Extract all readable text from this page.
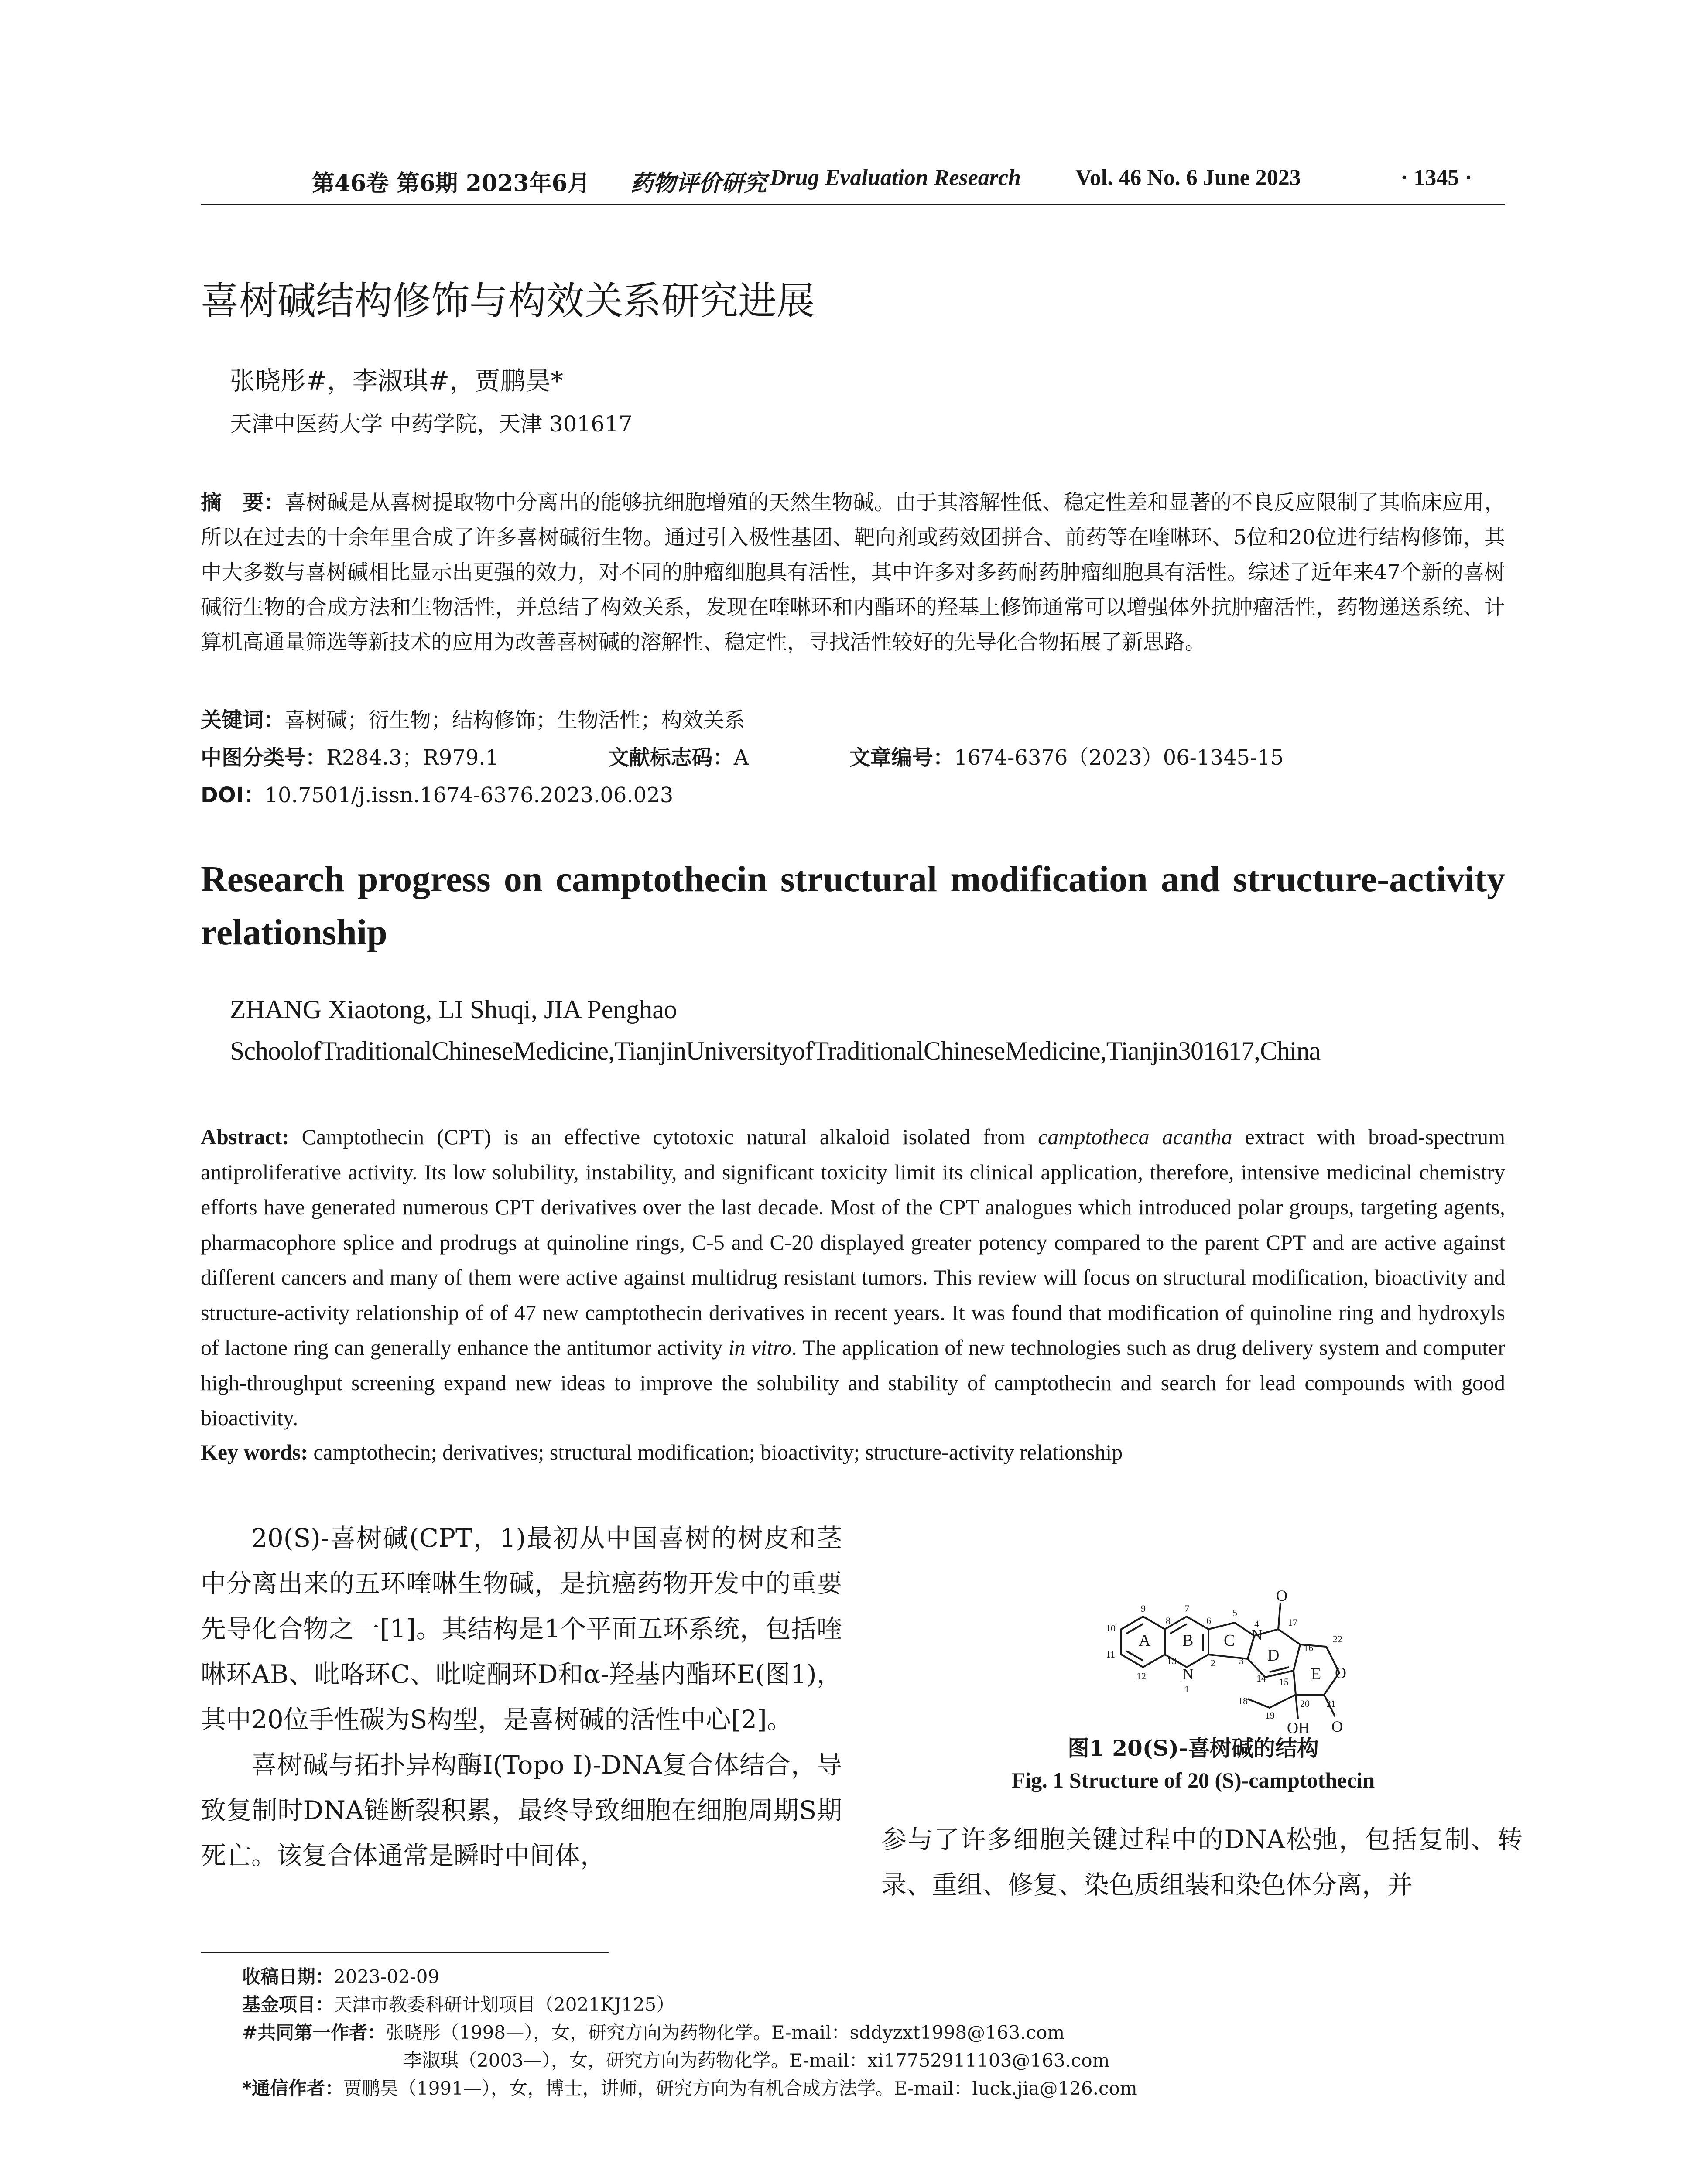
第46卷 第6期 2023年6月 药物评价研究 Drug Evaluation Research Vol. 46 No. 6 June 2023	· 1345 ·
喜树碱结构修饰与构效关系研究进展
张晓彤#，李淑琪#，贾鹏昊*
天津中医药大学 中药学院，天津 301617
摘　要：喜树碱是从喜树提取物中分离出的能够抗细胞增殖的天然生物碱。由于其溶解性低、稳定性差和显著的不良反应限制了其临床应用，所以在过去的十余年里合成了许多喜树碱衍生物。通过引入极性基团、靶向剂或药效团拼合、前药等在喹啉环、5位和20位进行结构修饰，其中大多数与喜树碱相比显示出更强的效力，对不同的肿瘤细胞具有活性，其中许多对多药耐药肿瘤细胞具有活性。综述了近年来47个新的喜树碱衍生物的合成方法和生物活性，并总结了构效关系，发现在喹啉环和内酯环的羟基上修饰通常可以增强体外抗肿瘤活性，药物递送系统、计算机高通量筛选等新技术的应用为改善喜树碱的溶解性、稳定性，寻找活性较好的先导化合物拓展了新思路。
关键词：喜树碱；衍生物；结构修饰；生物活性；构效关系
中图分类号：R284.3；R979.1	文献标志码：A	文章编号：1674-6376（2023）06-1345-15
DOI：10.7501/j.issn.1674-6376.2023.06.023
Research progress on camptothecin structural modification and structure-activity relationship
ZHANG Xiaotong, LI Shuqi, JIA Penghao
SchoolofTraditionalChineseMedicine,TianjinUniversityofTraditionalChineseMedicine,Tianjin301617,China
Abstract: Camptothecin (CPT) is an effective cytotoxic natural alkaloid isolated from camptotheca acantha extract with broad-spectrum antiproliferative activity. Its low solubility, instability, and significant toxicity limit its clinical application, therefore, intensive medicinal chemistry efforts have generated numerous CPT derivatives over the last decade. Most of the CPT analogues which introduced polar groups, targeting agents, pharmacophore splice and prodrugs at quinoline rings, C-5 and C-20 displayed greater potency compared to the parent CPT and are active against different cancers and many of them were active against multidrug resistant tumors. This review will focus on structural modification, bioactivity and structure-activity relationship of of 47 new camptothecin derivatives in recent years. It was found that modification of quinoline ring and hydroxyls of lactone ring can generally enhance the antitumor activity in vitro. The application of new technologies such as drug delivery system and computer high-throughput screening expand new ideas to improve the solubility and stability of camptothecin and search for lead compounds with good bioactivity.
Key words: camptothecin; derivatives; structural modification; bioactivity; structure-activity relationship
20(S)-喜树碱(CPT，1)最初从中国喜树的树皮和茎中分离出来的五环喹啉生物碱，是抗癌药物开发中的重要先导化合物之一[1]。其结构是1个平面五环系统，包括喹啉环AB、吡咯环C、吡啶酮环D和α-羟基内酯环E(图1)，其中20位手性碳为S构型，是喜树碱的活性中心[2]。
喜树碱与拓扑异构酶I(Topo I)-DNA复合体结合，导致复制时DNA链断裂积累，最终导致细胞在细胞周期S期死亡。该复合体通常是瞬时中间体，
A B C
D
E
N
N
O
O
O
OH
1
2 3
4
5
6
7
8
9
10
11
12
13
14 15
16
17
18
19
20 21
22
图1 20(S)-喜树碱的结构
Fig. 1 Structure of 20 (S)-camptothecin
参与了许多细胞关键过程中的DNA松弛，包括复制、转录、重组、修复、染色质组装和染色体分离，并
收稿日期：2023-02-09
基金项目：天津市教委科研计划项目（2021KJ125）
#共同第一作者：张晓彤（1998—），女，研究方向为药物化学。E-mail：sddyzxt1998@163.com
李淑琪（2003—），女，研究方向为药物化学。E-mail：xi17752911103@163.com
*通信作者：贾鹏昊（1991—），女，博士，讲师，研究方向为有机合成方法学。E-mail：luck.jia@126.com
